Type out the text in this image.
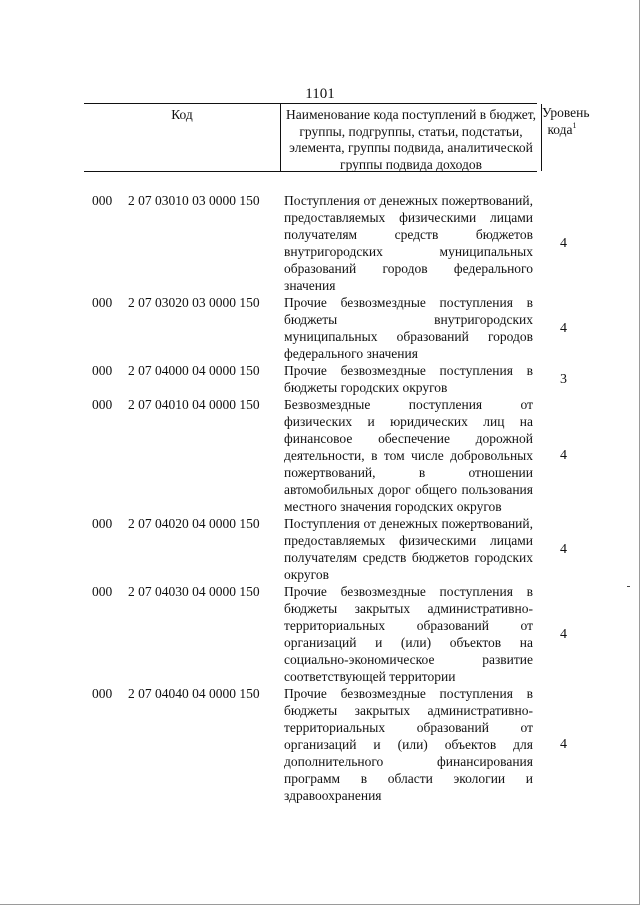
1101
Код	Наименование кода поступлений в бюджет, группы, подгруппы, статьи, подстатьи, элемента, группы подвида, аналитической группы подвида доходов
Уровень кода$^1$
000 2 07 03010 03 0000 150 Поступления от денежных пожертвований, предоставляемых физическими лицами получателям средств бюджетов внутригородских муниципальных образований городов федерального значения
4
000 2 07 03020 03 0000 150 Прочие безвозмездные поступления в бюджеты внутригородских муниципальных образований городов федерального значения
4
000 2 07 04000 04 0000 150 Прочие безвозмездные поступления в бюджеты городских округов
3
000 2 07 04010 04 0000 150 Безвозмездные поступления от физических и юридических лиц на финансовое обеспечение дорожной деятельности, в том числе добровольных пожертвований, в отношении автомобильных дорог общего пользования местного значения городских округов
4
000 2 07 04020 04 0000 150 Поступления от денежных пожертвований, предоставляемых физическими лицами получателям средств бюджетов городских округов
4
000 2 07 04030 04 0000 150 Прочие безвозмездные поступления в бюджеты закрытых административно-территориальных образований от организаций и (или) объектов на социально-экономическое развитие соответствующей территории
4
000 2 07 04040 04 0000 150 Прочие безвозмездные поступления в бюджеты закрытых административно-территориальных образований от организаций и (или) объектов для дополнительного финансирования программ в области экологии и здравоохранения
4
